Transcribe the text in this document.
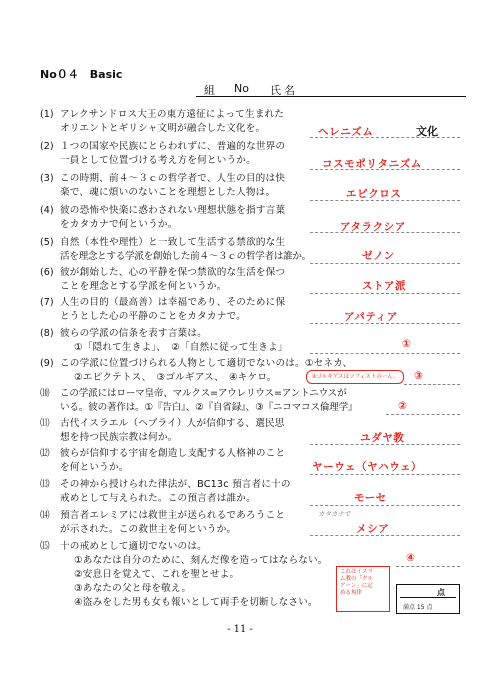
No０４　Basic
組 No 氏名
(1) アレクサンドロス大王の東方遠征によって生まれた
オリエントとギリシャ文明が融合した文化を。	ヘレニズム	文化
(2) １つの国家や民族にとらわれずに、普遍的な世界の
一員として位置づける考え方を何というか。	コスモポリタニズム
(3) この時期、前４～３ｃの哲学者で、人生の目的は快
楽で、魂に煩いのないことを理想とした人物は。	エピクロス
(4) 彼の恐怖や快楽に惑わされない理想状態を指す言葉
をカタカナで何というか。	アタラクシア
(5) 自然（本性や理性）と一致して生活する禁欲的な生
活を理念とする学派を創始した前４～３ｃの哲学者は誰か。	ゼノン
(6) 彼が創始した、心の平静を保つ禁欲的な生活を保つ
ことを理念とする学派を何というか。	ストア派
(7) 人生の目的（最高善）は幸福であり、そのために保
とうとした心の平静のことをカタカナで。	アパティア
(8) 彼らの学派の信条を表す言葉は。
①「隠れて生きよ」、　②「自然に従って生きよ」	①
(9) この学派に位置づけられる人物として適切でないのは。①セネカ、
②エピクテトス、　③ゴルギアス、　④キケロ。	③ゴルギアスはソフィストのーん。	③
⑽ この学派にはローマ皇帝、マルクス=アウレリウス=アントニウスが
いる。彼の著作は。①『告白』、②『自省録』、③『ニコマコス倫理学』	②
⑾ 古代イスラエル（ヘブライ）人が信仰する、選民思
想を持つ民族宗教は何か。	ユダヤ教
⑿ 彼らが信仰する宇宙を創造し支配する人格神のこと
を何というか。	ヤーウェ（ヤハウェ）
⒀ その神から授けられた律法が、BC13c 預言者に十の
戒めとして与えられた。この預言者は誰か。	モーセ
⒁ 預言者エレミアには救世主が送られるであろうこと
が示された。この救世主を何というか。
カタカナで
メシア
⒂ 十の戒めとして適切でないのは。
①あなたは自分のために、刻んだ像を造ってはならない。
②安息日を覚えて、これを聖とせよ。
③あなたの父と母を敬え。
④盗みをした男も女も報いとして両手を切断しなさい。
④
これはイスラ
ム教の「クル
アーン」に定
める規律	点
満点 15 点
- 11 -
